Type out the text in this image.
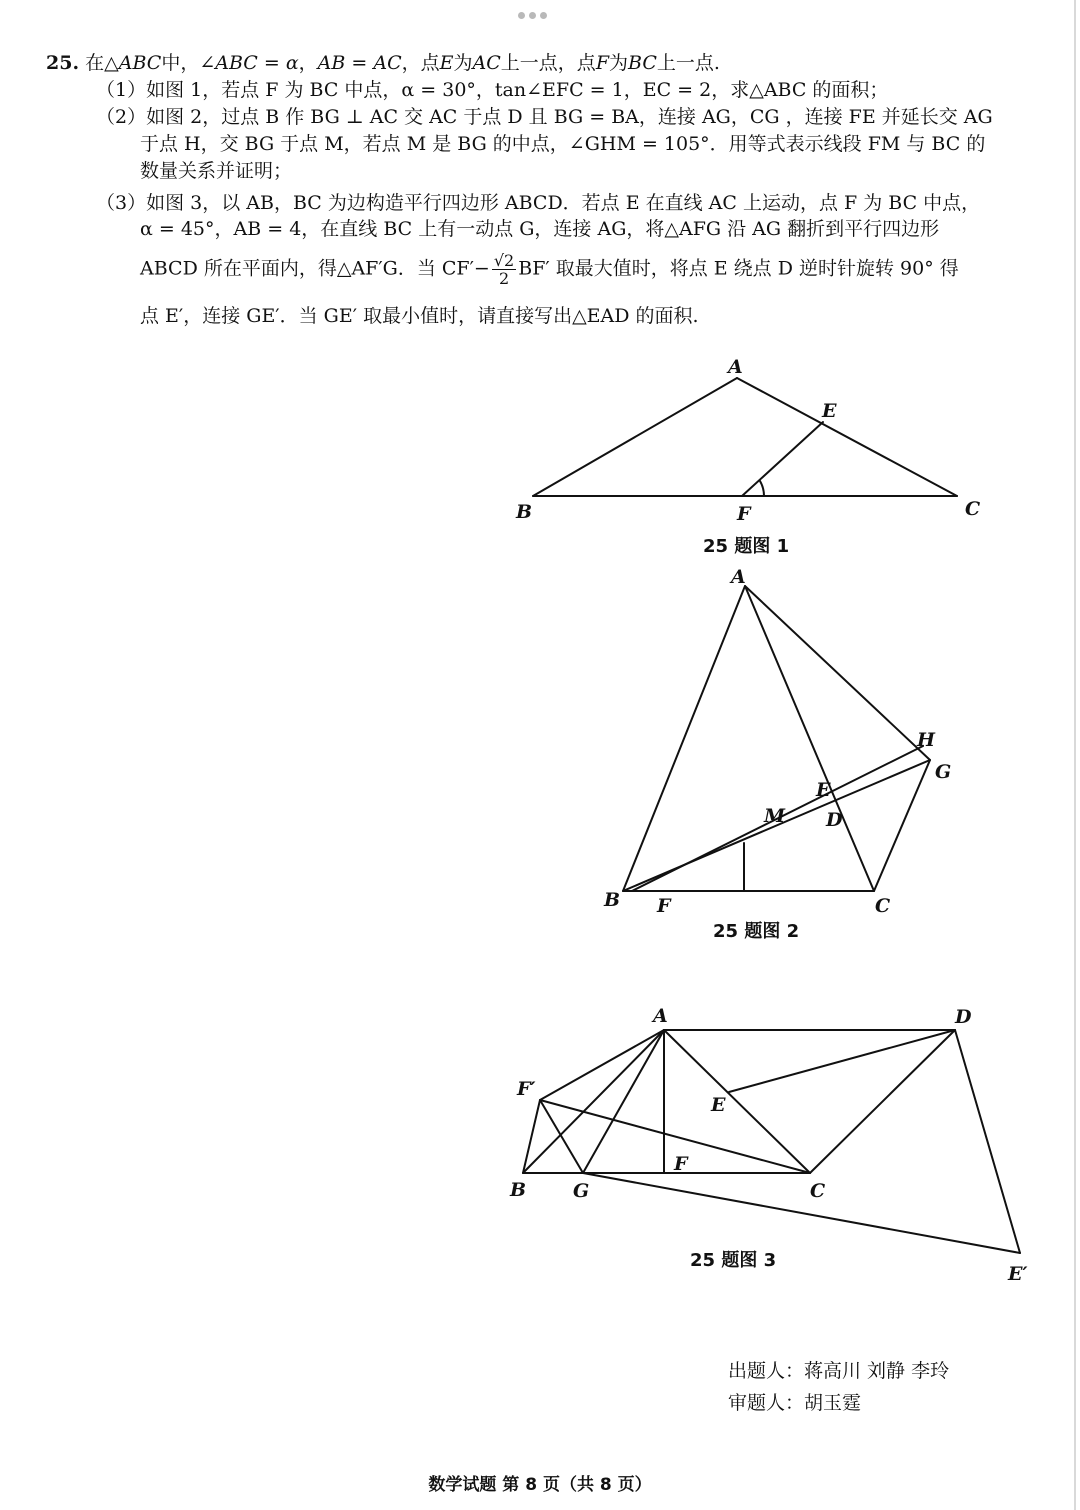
25. 在△ABC中，∠ABC = α，AB = AC，点E为AC上一点，点F为BC上一点.
（1）如图 1，若点 F 为 BC 中点，α = 30°，tan∠EFC = 1，EC = 2，求△ABC 的面积；
（2）如图 2，过点 B 作 BG ⊥ AC 交 AC 于点 D 且 BG = BA，连接 AG，CG ，连接 FE 并延长交 AG
于点 H，交 BG 于点 M，若点 M 是 BG 的中点，∠GHM = 105°．用等式表示线段 FM 与 BC 的
数量关系并证明；
（3）如图 3，以 AB，BC 为边构造平行四边形 ABCD．若点 E 在直线 AC 上运动，点 F 为 BC 中点，
α = 45°，AB = 4，在直线 BC 上有一动点 G，连接 AG，将△AFG 沿 AG 翻折到平行四边形
ABCD 所在平面内，得△AF′G．当 $CF'- \frac{√2}{2} BF'$ 取最大值时，将点 E 绕点 D 逆时针旋转 90° 得
点 E′，连接 GE′．当 GE′ 取最小值时，请直接写出△EAD 的面积.
A
B	C
E
F
25 题图 1
A
B	C
D
E
F
G
H
M
25 题图 2
A
B	C
D
E
E′
F
F′
G
25 题图 3
出题人：蒋高川 刘静 李玲
审题人：胡玉霆
数学试题 第 8 页（共 8 页）
